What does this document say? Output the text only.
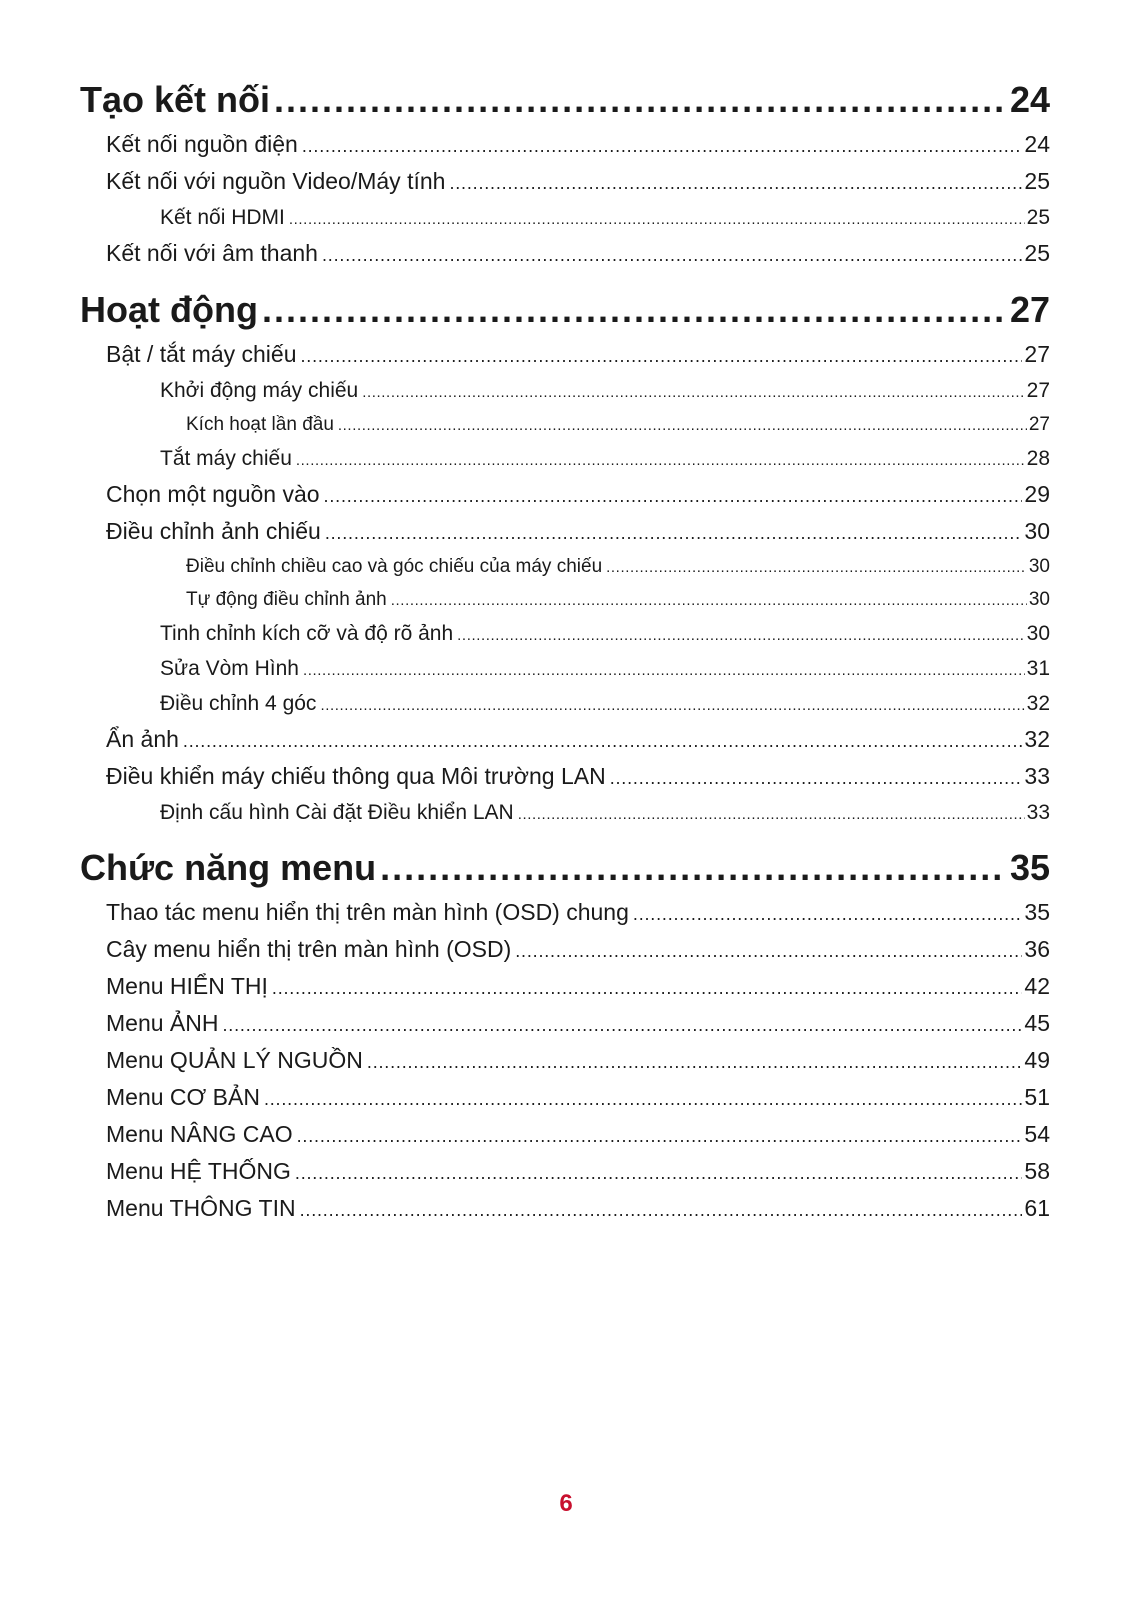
Tạo kết nối .....	24
Kết nối nguồn điện .....	24
Kết nối với nguồn Video/Máy tính .....	25
Kết nối HDMI .....	25
Kết nối với âm thanh .....	25
Hoạt động .....	27
Bật / tắt máy chiếu .....	27
Khởi động máy chiếu .....	27
Kích hoạt lần đầu .....	27
Tắt máy chiếu .....	28
Chọn một nguồn vào .....	29
Điều chỉnh ảnh chiếu .....	30
Điều chỉnh chiều cao và góc chiếu của máy chiếu .....	30
Tự động điều chỉnh ảnh .....	30
Tinh chỉnh kích cỡ và độ rõ ảnh .....	30
Sửa Vòm Hình .....	31
Điều chỉnh 4 góc .....	32
Ẩn ảnh .....	32
Điều khiển máy chiếu thông qua Môi trường LAN .....	33
Định cấu hình Cài đặt Điều khiển LAN .....	33
Chức năng menu .....	35
Thao tác menu hiển thị trên màn hình (OSD) chung .....	35
Cây menu hiển thị trên màn hình (OSD) .....	36
Menu HIỂN THỊ .....	42
Menu ẢNH .....	45
Menu QUẢN LÝ NGUỒN .....	49
Menu CƠ BẢN .....	51
Menu NÂNG CAO .....	54
Menu HỆ THỐNG .....	58
Menu THÔNG TIN .....	61
6
